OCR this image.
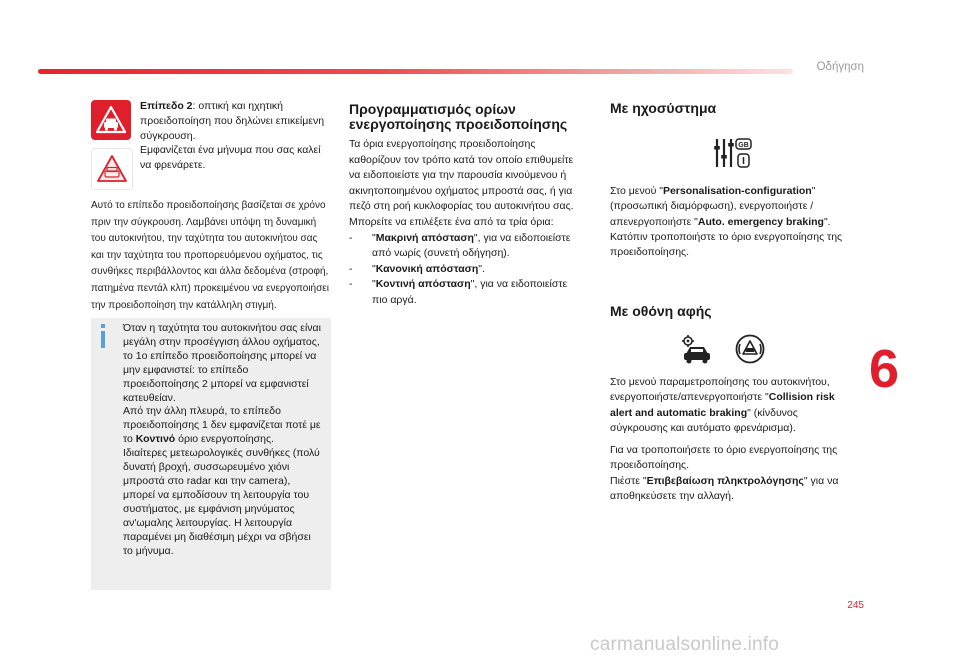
Οδήγηση
Επίπεδο 2: οπτική και ηχητική προειδοποίηση που δηλώνει επικείμενη σύγκρουση.
Εμφανίζεται ένα μήνυμα που σας καλεί να φρενάρετε.
Αυτό το επίπεδο προειδοποίησης βασίζεται σε χρόνο πριν την σύγκρουση. Λαμβάνει υπόψη τη δυναμική του αυτοκινήτου, την ταχύτητα του αυτοκινήτου σας και την ταχύτητα του προπορευόμενου οχήματος, τις συνθήκες περιβάλλοντος και άλλα δεδομένα (στροφή, πατημένα πεντάλ κλπ) προκειμένου να ενεργοποιήσει την προειδοποίηση την κατάλληλη στιγμή.
Όταν η ταχύτητα του αυτοκινήτου σας είναι μεγάλη στην προσέγγιση άλλου οχήματος, το 1ο επίπεδο προειδοποίησης μπορεί να μην εμφανιστεί: το επίπεδο προειδοποίησης 2 μπορεί να εμφανιστεί κατευθείαν.
Από την άλλη πλευρά, το επίπεδο προειδοποίησης 1 δεν εμφανίζεται ποτέ με το Κοντινό όριο ενεργοποίησης.
Ιδιαίτερες μετεωρολογικές συνθήκες (πολύ δυνατή βροχή, συσσωρευμένο χιόνι μπροστά στο radar και την camera), μπορεί να εμποδίσουν τη λειτουργία του συστήματος, με εμφάνιση μηνύματος αν'ωμαλης λειτουργίας. Η λειτουργία παραμένει μη διαθέσιμη μέχρι να σβήσει το μήνυμα.
Προγραμματισμός ορίων
ενεργοποίησης προειδοποίησης
Τα όρια ενεργοποίησης προειδοποίησης καθορίζουν τον τρόπο κατά τον οποίο επιθυμείτε να ειδοποιείστε για την παρουσία κινούμενου ή ακινητοποιημένου οχήματος μπροστά σας, ή για πεζό στη ροή κυκλοφορίας του αυτοκινήτου σας.
Μπορείτε να επιλέξετε ένα από τα τρία όρια:
-	"Μακρινή απόσταση", για να ειδοποιείστε από νωρίς (συνετή οδήγηση).
-	"Κανονική απόσταση".
-	"Κοντινή απόσταση", για να ειδοποιείστε πιο αργά.
Με ηχοσύστημα
GB
Στο μενού "Personalisation-configuration" (προσωπική διαμόρφωση), ενεργοποιήστε / απενεργοποιήστε "Auto. emergency braking".
Κατόπιν τροποποιήστε το όριο ενεργοποίησης της προειδοποίησης.
Με οθόνη αφής
Στο μενού παραμετροποίησης του αυτοκινήτου, ενεργοποιήστε/απενεργοποιήστε "Collision risk alert and automatic braking" (κίνδυνος σύγκρουσης και αυτόματο φρενάρισμα).
Για να τροποποιήσετε το όριο ενεργοποίησης της προειδοποίησης.
Πιέστε "Επιβεβαίωση πληκτρολόγησης" για να αποθηκεύσετε την αλλαγή.
6
245
carmanualsonline.info
